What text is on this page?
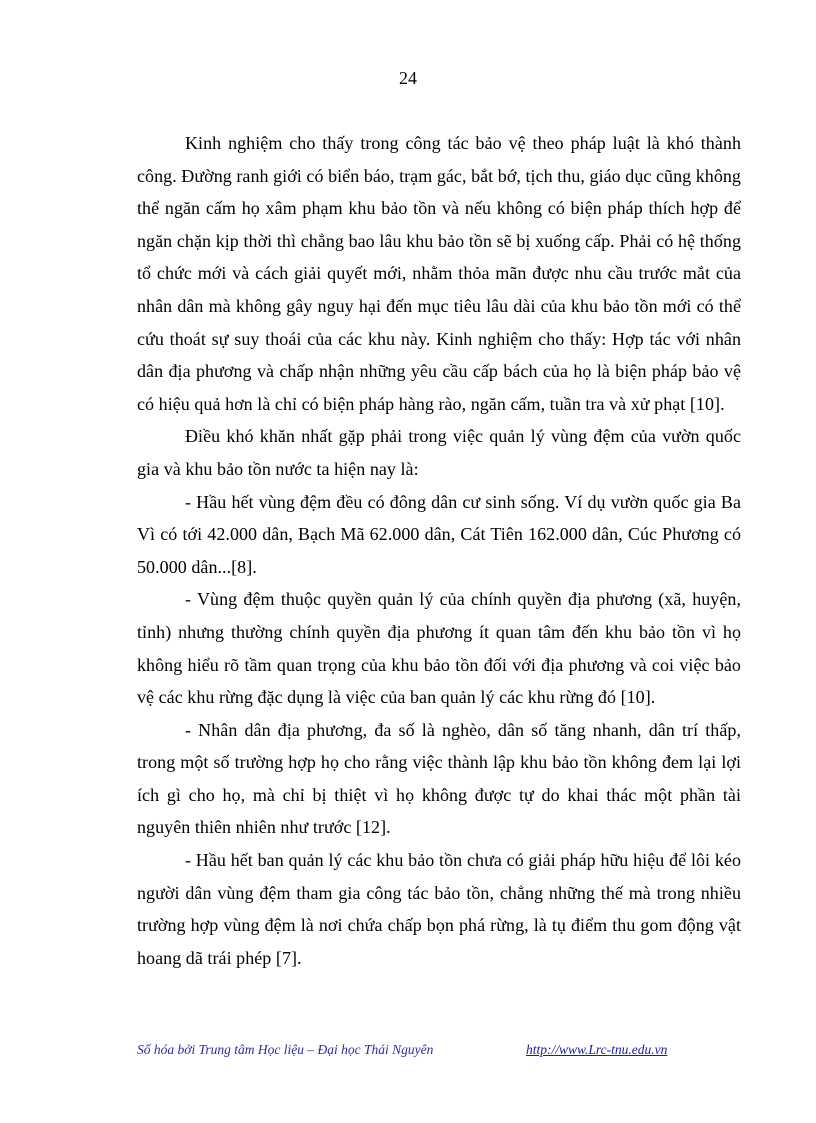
24

Kinh nghiệm cho thấy trong công tác bảo vệ theo pháp luật là khó thành công. Đường ranh giới có biển báo, trạm gác, bắt bớ, tịch thu, giáo dục cũng không thể ngăn cấm họ xâm phạm khu bảo tồn và nếu không có biện pháp thích hợp để ngăn chặn kịp thời thì chẳng bao lâu khu bảo tồn sẽ bị xuống cấp. Phải có hệ thống tổ chức mới và cách giải quyết mới, nhằm thỏa mãn được nhu cầu trước mắt của nhân dân mà không gây nguy hại đến mục tiêu lâu dài của khu bảo tồn mới có thể cứu thoát sự suy thoái của các khu này. Kinh nghiệm cho thấy: Hợp tác với nhân dân địa phương và chấp nhận những yêu cầu cấp bách của họ là biện pháp bảo vệ có hiệu quả hơn là chỉ có biện pháp hàng rào, ngăn cấm, tuần tra và xử phạt [10].

Điều khó khăn nhất gặp phải trong việc quản lý vùng đệm của vườn quốc gia và khu bảo tồn nước ta hiện nay là:

- Hầu hết vùng đệm đều có đông dân cư sinh sống. Ví dụ vườn quốc gia Ba Vì có tới 42.000 dân, Bạch Mã 62.000 dân, Cát Tiên 162.000 dân, Cúc Phương có 50.000 dân...[8].

- Vùng đệm thuộc quyền quản lý của chính quyền địa phương (xã, huyện, tỉnh) nhưng thường chính quyền địa phương ít quan tâm đến khu bảo tồn vì họ không hiểu rõ tầm quan trọng của khu bảo tồn đối với địa phương và coi việc bảo vệ các khu rừng đặc dụng là việc của ban quản lý các khu rừng đó [10].

- Nhân dân địa phương, đa số là nghèo, dân số tăng nhanh, dân trí thấp, trong một số trường hợp họ cho rằng việc thành lập khu bảo tồn không đem lại lợi ích gì cho họ, mà chỉ bị thiệt vì họ không được tự do khai thác một phần tài nguyên thiên nhiên như trước [12].

- Hầu hết ban quản lý các khu bảo tồn chưa có giải pháp hữu hiệu để lôi kéo người dân vùng đệm tham gia công tác bảo tồn, chẳng những thế mà trong nhiều trường hợp vùng đệm là nơi chứa chấp bọn phá rừng, là tụ điểm thu gom động vật hoang dã trái phép [7].

Số hóa bởi Trung tâm Học liệu – Đại học Thái Nguyên	http://www.Lrc-tnu.edu.vn
